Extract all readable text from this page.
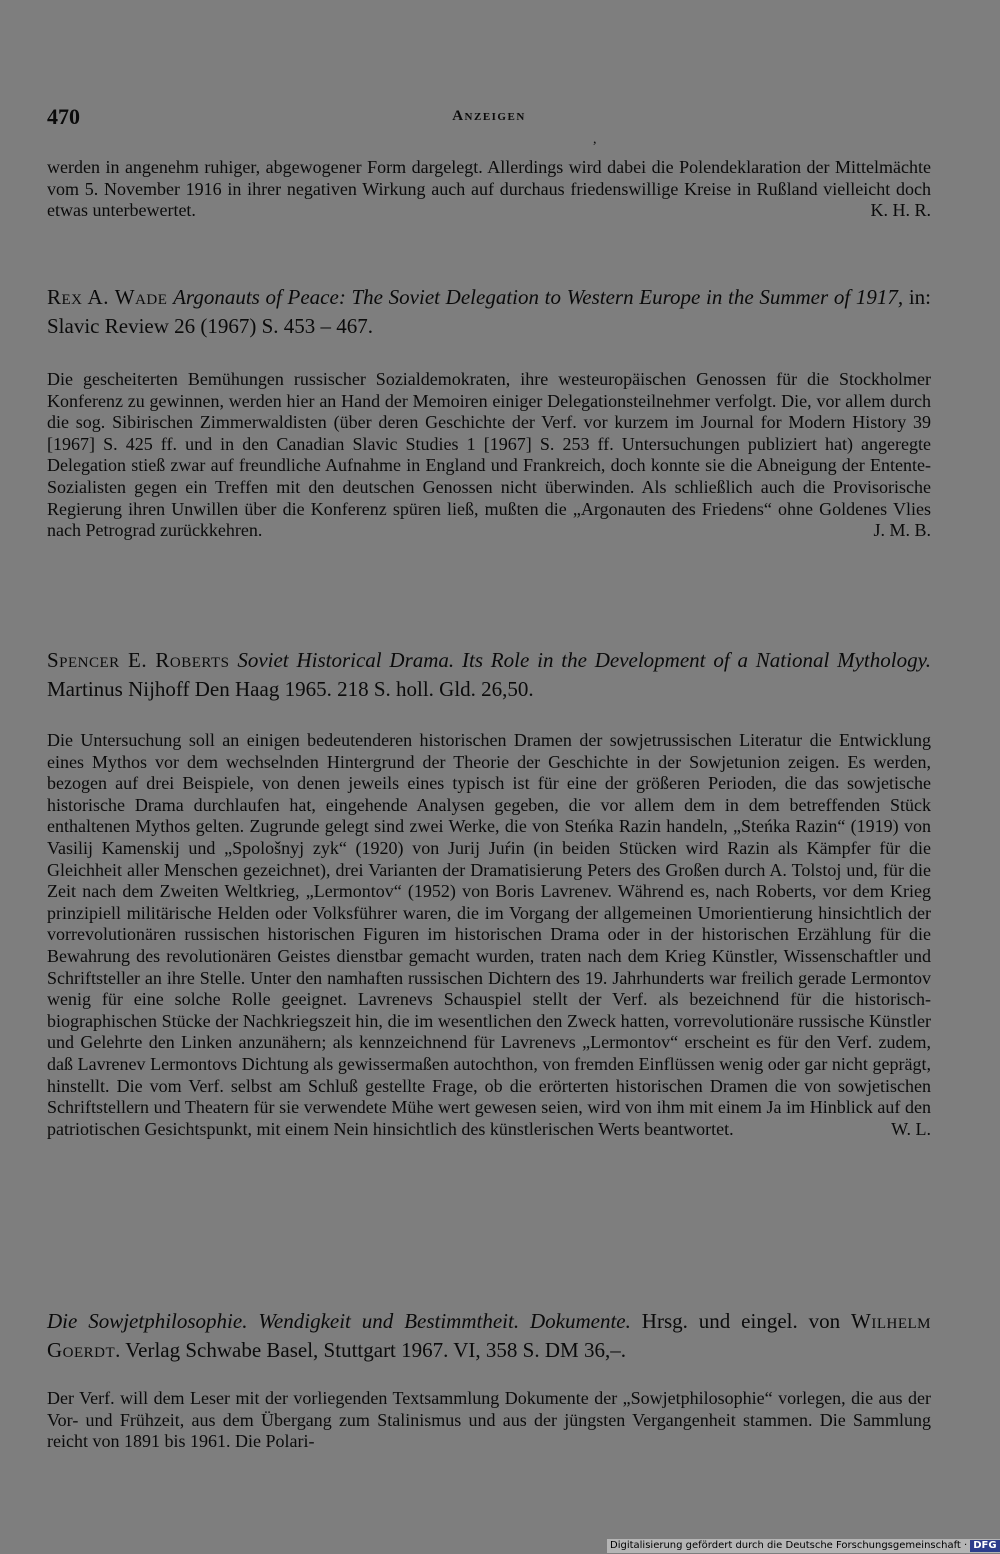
470	Anzeigen
,

werden in angenehm ruhiger, abgewogener Form dargelegt. Allerdings wird dabei die Polendeklaration der Mittelmächte vom 5. November 1916 in ihrer negativen Wirkung auch auf durchaus friedenswillige Kreise in Rußland vielleicht doch etwas unterbewertet.	K. H. R.

Rex A. Wade Argonauts of Peace: The Soviet Delegation to Western Europe in the Summer of 1917, in: Slavic Review 26 (1967) S. 453 – 467.

Die gescheiterten Bemühungen russischer Sozialdemokraten, ihre westeuropäischen Genossen für die Stockholmer Konferenz zu gewinnen, werden hier an Hand der Memoiren einiger Delegationsteilnehmer verfolgt. Die, vor allem durch die sog. Sibirischen Zimmerwaldisten (über deren Geschichte der Verf. vor kurzem im Journal for Modern History 39 [1967] S. 425 ff. und in den Canadian Slavic Studies 1 [1967] S. 253 ff. Untersuchungen publiziert hat) angeregte Delegation stieß zwar auf freundliche Aufnahme in England und Frankreich, doch konnte sie die Abneigung der Entente-Sozialisten gegen ein Treffen mit den deutschen Genossen nicht überwinden. Als schließlich auch die Provisorische Regierung ihren Unwillen über die Konferenz spüren ließ, mußten die „Argonauten des Friedens“ ohne Goldenes Vlies nach Petrograd zurückkehren.	J. M. B.

Spencer E. Roberts Soviet Historical Drama. Its Role in the Development of a National Mythology. Martinus Nijhoff Den Haag 1965. 218 S. holl. Gld. 26,50.

Die Untersuchung soll an einigen bedeutenderen historischen Dramen der sowjetrussischen Literatur die Entwicklung eines Mythos vor dem wechselnden Hintergrund der Theorie der Geschichte in der Sowjetunion zeigen. Es werden, bezogen auf drei Beispiele, von denen jeweils eines typisch ist für eine der größeren Perioden, die das sowjetische historische Drama durchlaufen hat, eingehende Analysen gegeben, die vor allem dem in dem betreffenden Stück enthaltenen Mythos gelten. Zugrunde gelegt sind zwei Werke, die von Steńka Razin handeln, „Steńka Razin“ (1919) von Vasilij Kamenskij und „Spološnyj zyk“ (1920) von Jurij Juŕin (in beiden Stücken wird Razin als Kämpfer für die Gleichheit aller Menschen gezeichnet), drei Varianten der Dramatisierung Peters des Großen durch A. Tolstoj und, für die Zeit nach dem Zweiten Weltkrieg, „Lermontov“ (1952) von Boris Lavrenev. Während es, nach Roberts, vor dem Krieg prinzipiell militärische Helden oder Volksführer waren, die im Vorgang der allgemeinen Umorientierung hinsichtlich der vorrevolutionären russischen historischen Figuren im historischen Drama oder in der historischen Erzählung für die Bewahrung des revolutionären Geistes dienstbar gemacht wurden, traten nach dem Krieg Künstler, Wissenschaftler und Schriftsteller an ihre Stelle. Unter den namhaften russischen Dichtern des 19. Jahrhunderts war freilich gerade Lermontov wenig für eine solche Rolle geeignet. Lavrenevs Schauspiel stellt der Verf. als bezeichnend für die historisch-biographischen Stücke der Nachkriegszeit hin, die im wesentlichen den Zweck hatten, vorrevolutionäre russische Künstler und Gelehrte den Linken anzunähern; als kennzeichnend für Lavrenevs „Lermontov“ erscheint es für den Verf. zudem, daß Lavrenev Lermontovs Dichtung als gewissermaßen autochthon, von fremden Einflüssen wenig oder gar nicht geprägt, hinstellt. Die vom Verf. selbst am Schluß gestellte Frage, ob die erörterten historischen Dramen die von sowjetischen Schriftstellern und Theatern für sie verwendete Mühe wert gewesen seien, wird von ihm mit einem Ja im Hinblick auf den patriotischen Gesichtspunkt, mit einem Nein hinsichtlich des künstlerischen Werts beantwortet.	W. L.

Die Sowjetphilosophie. Wendigkeit und Bestimmtheit. Dokumente. Hrsg. und eingel. von Wilhelm Goerdt. Verlag Schwabe Basel, Stuttgart 1967. VI, 358 S. DM 36,–.

Der Verf. will dem Leser mit der vorliegenden Textsammlung Dokumente der „Sowjetphilosophie“ vorlegen, die aus der Vor- und Frühzeit, aus dem Übergang zum Stalinismus und aus der jüngsten Vergangenheit stammen. Die Sammlung reicht von 1891 bis 1961. Die Polari-

Digitalisierung gefördert durch die Deutsche Forschungsgemeinschaft · DFG
